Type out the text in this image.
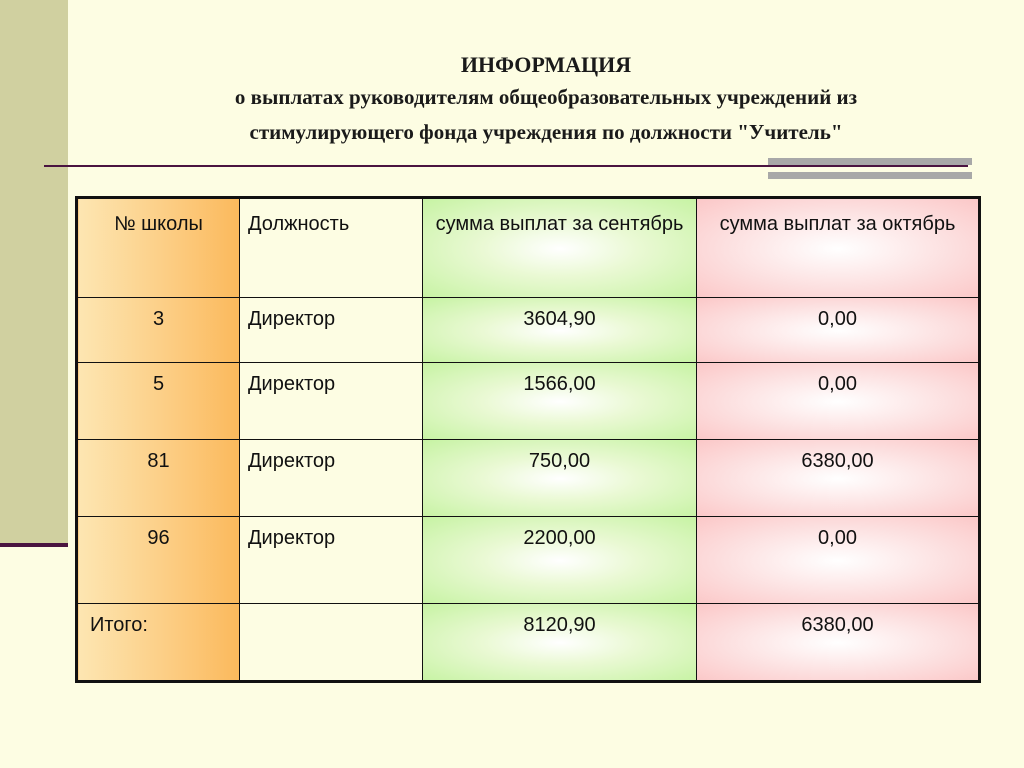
ИНФОРМАЦИЯ
о выплатах руководителям общеобразовательных учреждений из
стимулирующего фонда учреждения по должности "Учитель"
№ школы	Должность	сумма выплат за сентябрь	сумма выплат за октябрь
3	Директор	3604,90	0,00
5	Директор	1566,00	0,00
81	Директор	750,00	6380,00
96	Директор	2200,00	0,00
Итого:		8120,90	6380,00
